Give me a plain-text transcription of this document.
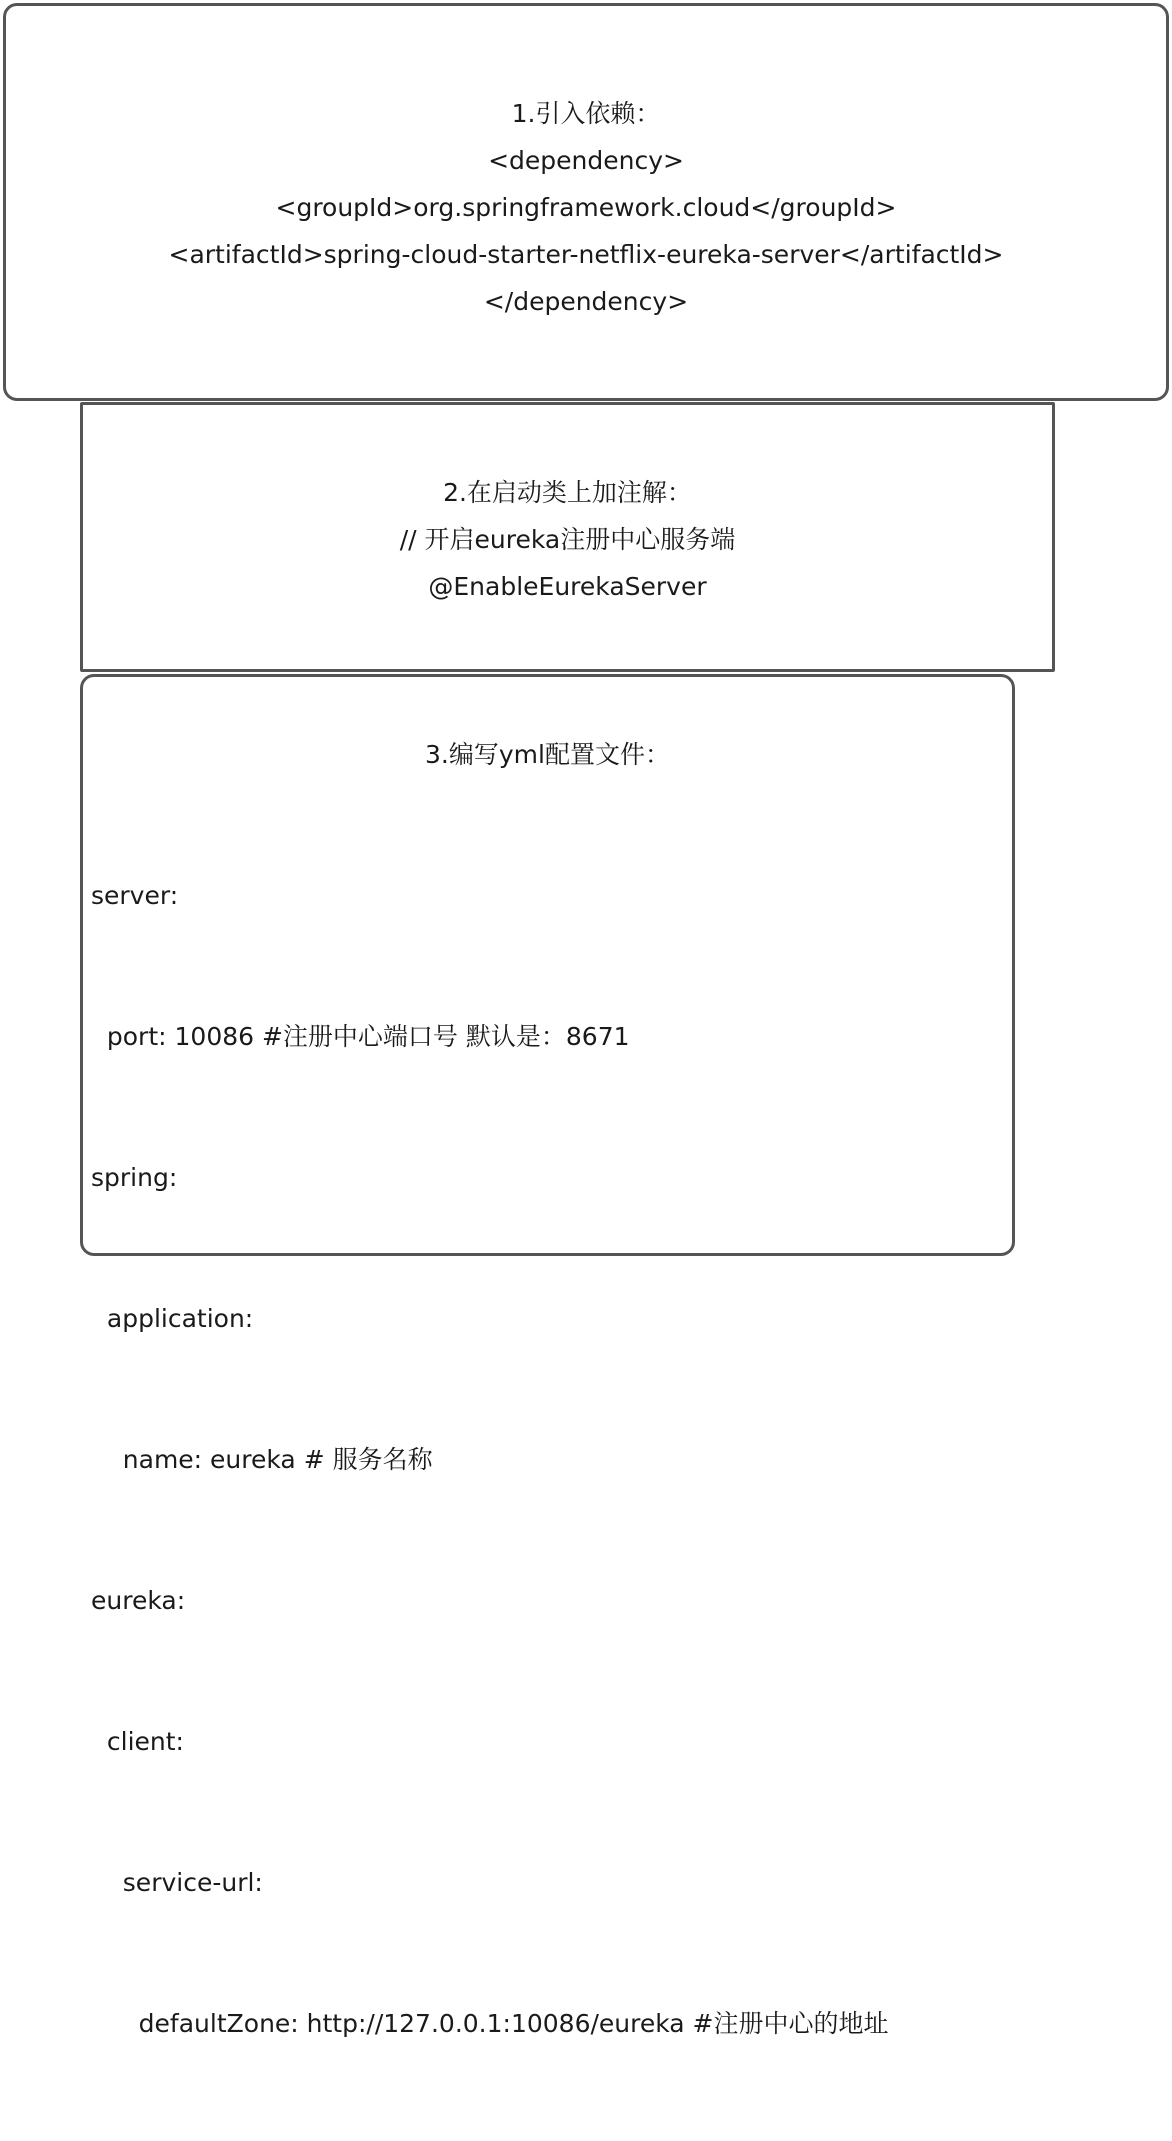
1.引入依赖：
<dependency>
<groupId>org.springframework.cloud</groupId>
<artifactId>spring-cloud-starter-netflix-eureka-server</artifactId>
</dependency>
2.在启动类上加注解：
// 开启eureka注册中心服务端
@EnableEurekaServer
3.编写yml配置文件：

server:

port: 10086 #注册中心端口号 默认是：8671

spring:

application:

name: eureka # 服务名称

eureka:

client:

service-url:

defaultZone: http://127.0.0.1:10086/eureka #注册中心的地址
